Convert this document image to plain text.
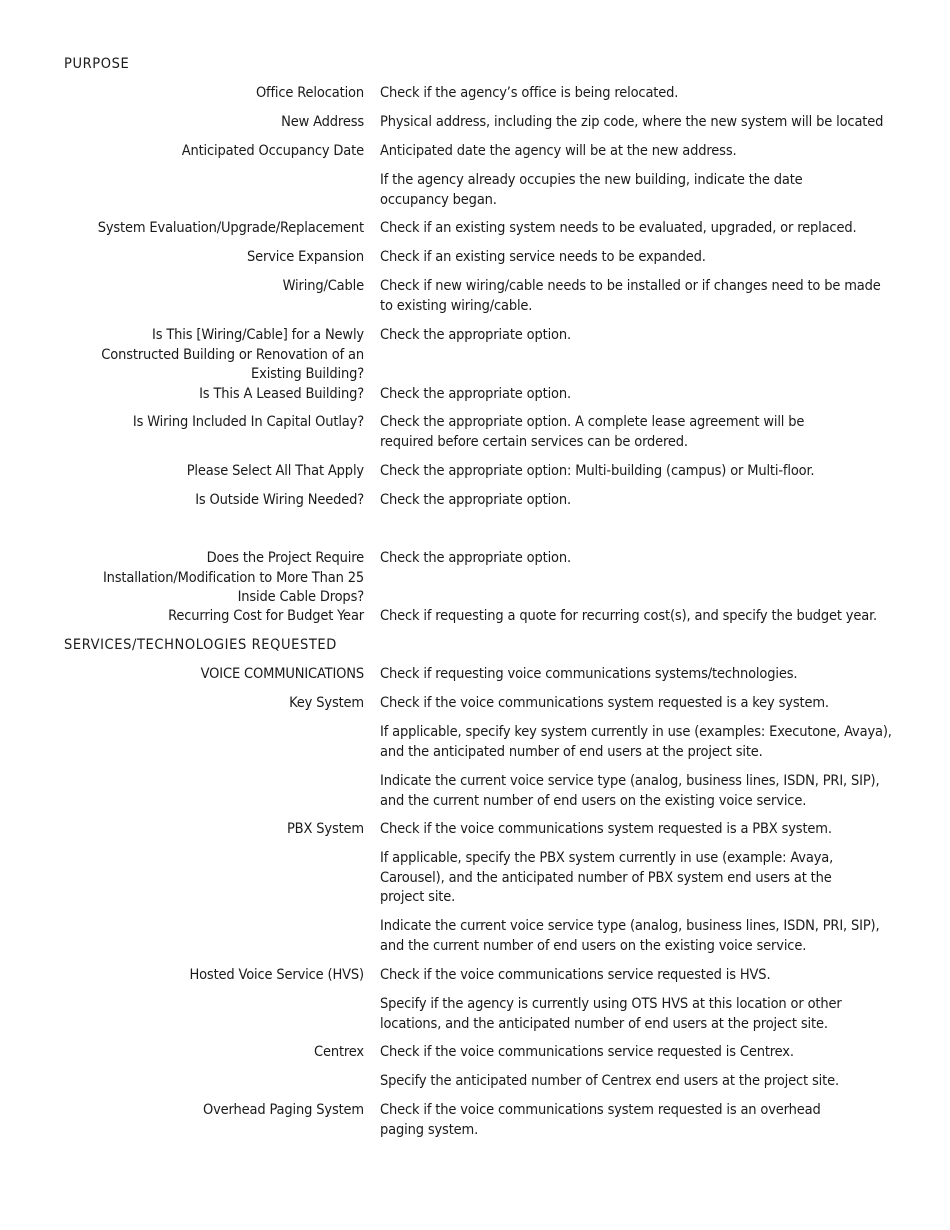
PURPOSE
Office Relocation Check if the agency’s office is being relocated.
New Address Physical address, including the zip code, where the new system will be located
Anticipated Occupancy Date Anticipated date the agency will be at the new address.
If the agency already occupies the new building, indicate the date occupancy began.
System Evaluation/Upgrade/Replacement Check if an existing system needs to be evaluated, upgraded, or replaced.
Service Expansion Check if an existing service needs to be expanded.
Wiring/Cable Check if new wiring/cable needs to be installed or if changes need to be made to existing wiring/cable.
Is This [Wiring/Cable] for a Newly Constructed Building or Renovation of an Existing Building?
Check the appropriate option.
Is This A Leased Building? Check the appropriate option.
Is Wiring Included In Capital Outlay? Check the appropriate option. A complete lease agreement will be required before certain services can be ordered.
Please Select All That Apply Check the appropriate option: Multi-building (campus) or Multi-floor.
Is Outside Wiring Needed? Check the appropriate option.
Does the Project Require Installation/Modification to More Than 25 Inside Cable Drops?
Check the appropriate option.
Recurring Cost for Budget Year Check if requesting a quote for recurring cost(s), and specify the budget year.
SERVICES/TECHNOLOGIES REQUESTED
VOICE COMMUNICATIONS Check if requesting voice communications systems/technologies.
Key System Check if the voice communications system requested is a key system.
If applicable, specify key system currently in use (examples: Executone, Avaya), and the anticipated number of end users at the project site.
Indicate the current voice service type (analog, business lines, ISDN, PRI, SIP), and the current number of end users on the existing voice service.
PBX System Check if the voice communications system requested is a PBX system.
If applicable, specify the PBX system currently in use (example: Avaya, Carousel), and the anticipated number of PBX system end users at the project site.
Indicate the current voice service type (analog, business lines, ISDN, PRI, SIP), and the current number of end users on the existing voice service.
Hosted Voice Service (HVS) Check if the voice communications service requested is HVS.
Specify if the agency is currently using OTS HVS at this location or other locations, and the anticipated number of end users at the project site.
Centrex Check if the voice communications service requested is Centrex.
Specify the anticipated number of Centrex end users at the project site.
Overhead Paging System Check if the voice communications system requested is an overhead paging system.
